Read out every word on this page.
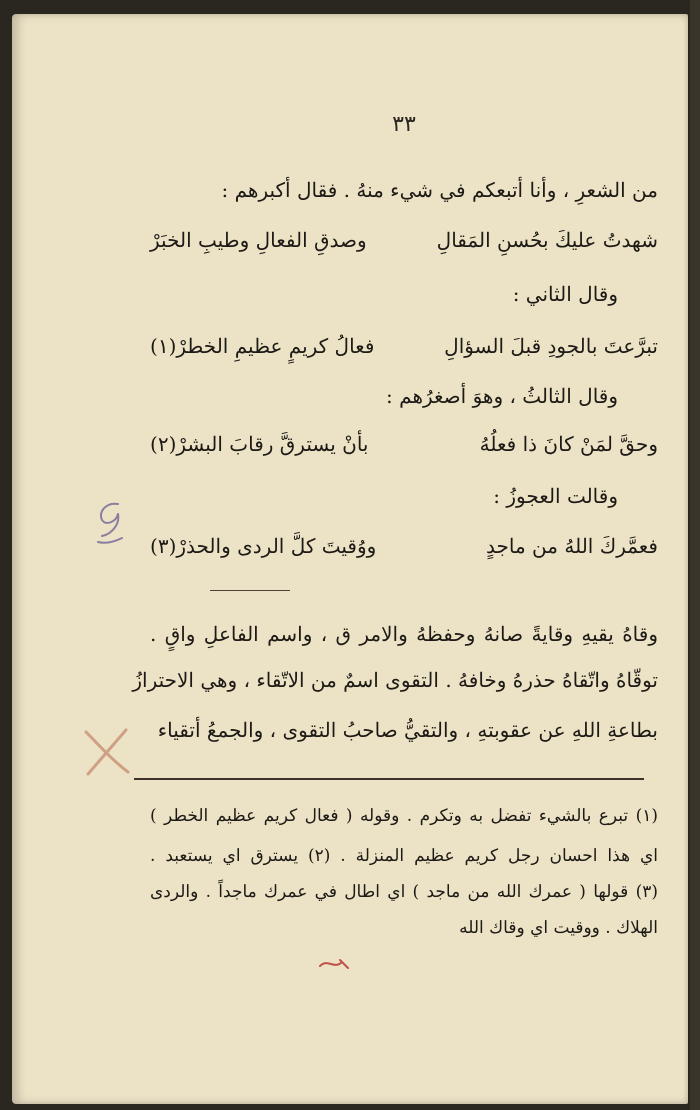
٣٣
من الشعرِ ، وأنا أتبعكم في شيء منهُ . فقال أكبرهم :
شهدتُ عليكَ بحُسنِ المَقالِ
وصدقِ الفعالِ وطيبِ الخبَرْ
وقال الثاني :
تبرَّعتَ بالجودِ قبلَ السؤالِ
فعالُ كريمٍ عظيمِ الخطرْ(١)
وقال الثالثُ ، وهوَ أصغرُهم :
وحقَّ لمَنْ كانَ ذا فعلُهُ
بأنْ يسترقَّ رقابَ البشرْ(٢)
وقالت العجوزُ :
فعمَّركَ اللهُ من ماجدٍ
ووُقيتَ كلَّ الردى والحذرْ(٣)
وقاهُ يقيهِ وقايةً صانهُ وحفظهُ والامر ق ، واسم الفاعلِ واقٍ .
توقّاهُ واتّقاهُ حذرهُ وخافهُ . التقوى اسمٌ من الاتّقاء ، وهي الاحترازُ
بطاعةِ اللهِ عن عقوبتهِ ، والتقيُّ صاحبُ التقوى ، والجمعُ أتقياء
(١) تبرع بالشيء تفضل به وتكرم . وقوله ( فعال كريم عظيم الخطر )
اي هذا احسان رجل كريم عظيم المنزلة . (٢) يسترق اي يستعبد .
(٣) قولها ( عمرك الله من ماجد ) اي اطال في عمرك ماجداً . والردى
الهلاك . ووقيت اي وقاك الله
